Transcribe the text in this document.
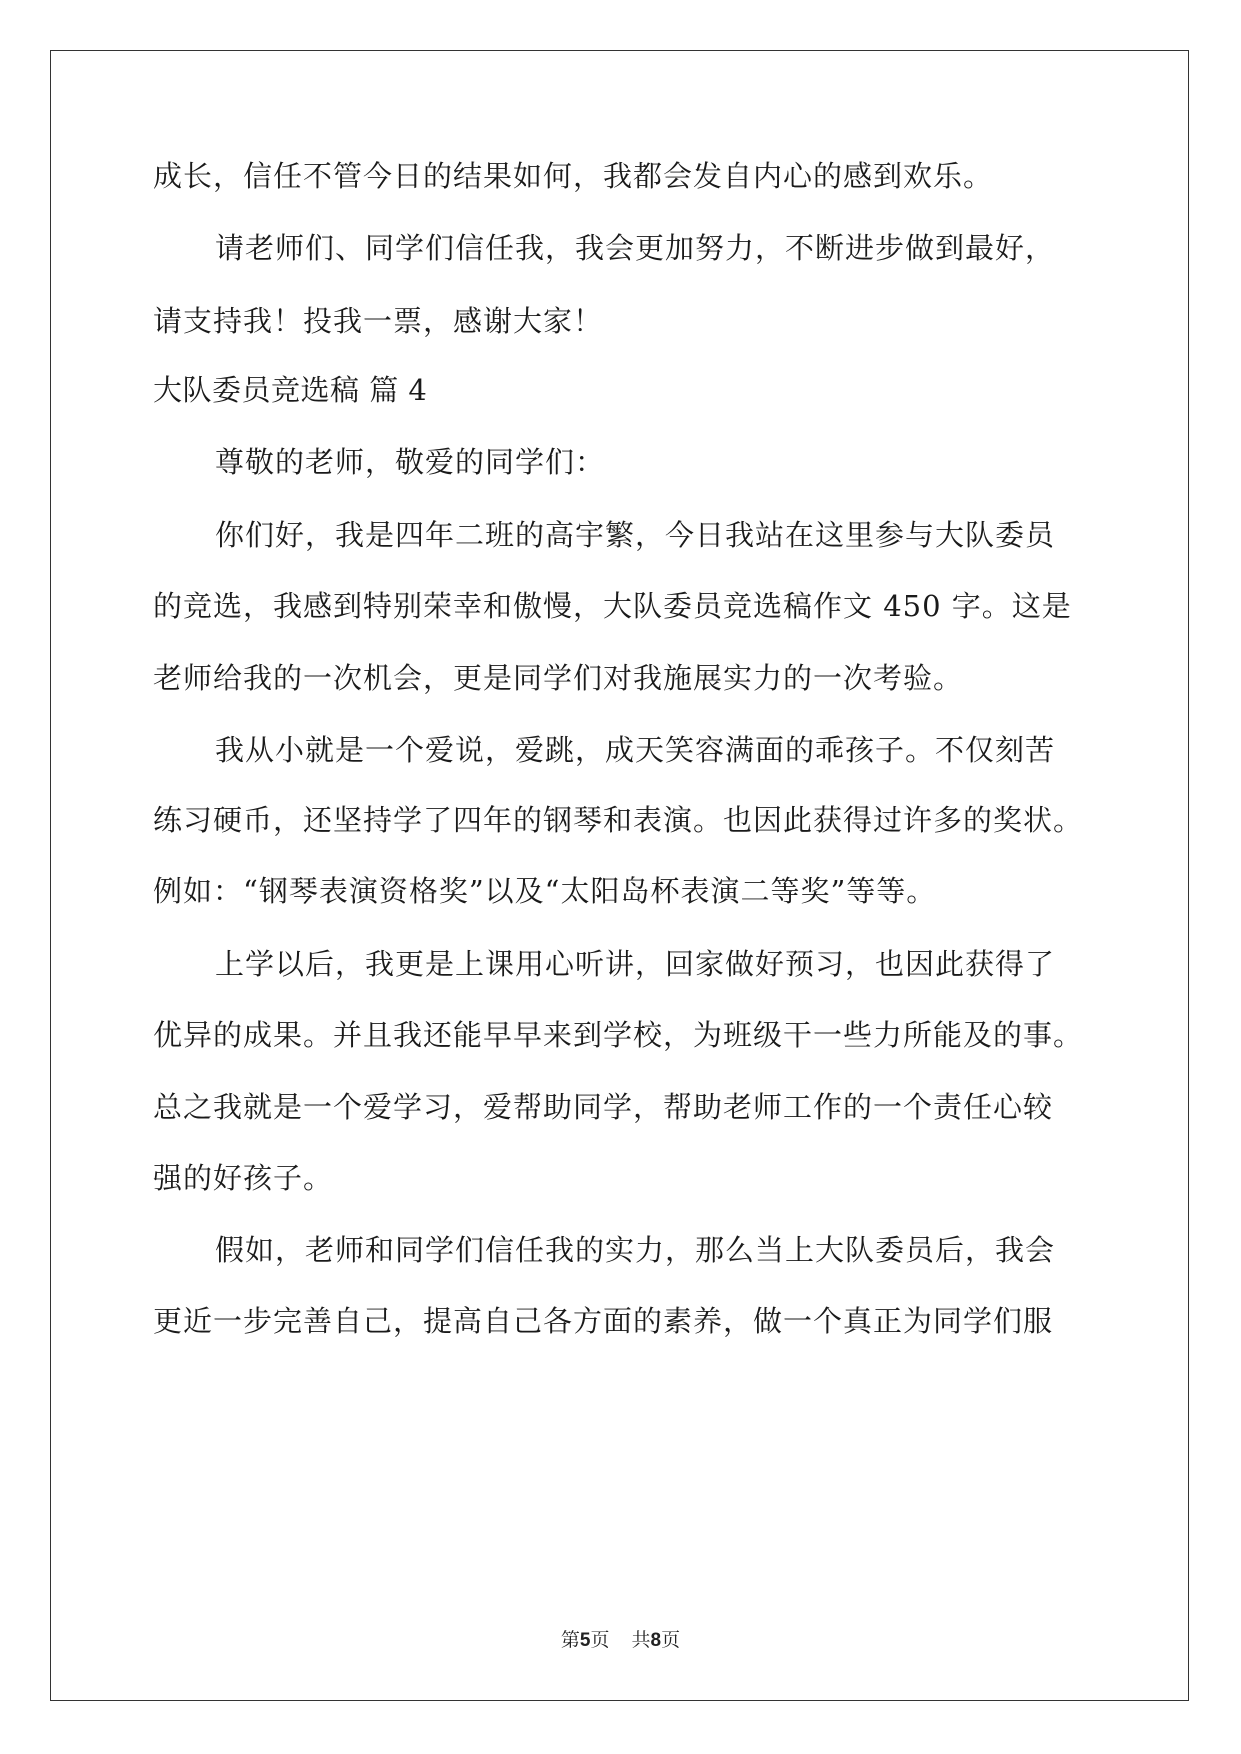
成长，信任不管今日的结果如何，我都会发自内心的感到欢乐。
请老师们、同学们信任我，我会更加努力，不断进步做到最好，
请支持我！投我一票，感谢大家！
大队委员竞选稿 篇 4
尊敬的老师，敬爱的同学们：
你们好，我是四年二班的高宇繁，今日我站在这里参与大队委员
的竞选，我感到特别荣幸和傲慢，大队委员竞选稿作文 450 字。这是
老师给我的一次机会，更是同学们对我施展实力的一次考验。
我从小就是一个爱说，爱跳，成天笑容满面的乖孩子。不仅刻苦
练习硬币，还坚持学了四年的钢琴和表演。也因此获得过许多的奖状。
例如：“钢琴表演资格奖”以及“太阳岛杯表演二等奖”等等。
上学以后，我更是上课用心听讲，回家做好预习，也因此获得了
优异的成果。并且我还能早早来到学校，为班级干一些力所能及的事。
总之我就是一个爱学习，爱帮助同学，帮助老师工作的一个责任心较
强的好孩子。
假如，老师和同学们信任我的实力，那么当上大队委员后，我会
更近一步完善自己，提高自己各方面的素养，做一个真正为同学们服
第5页 共8页
